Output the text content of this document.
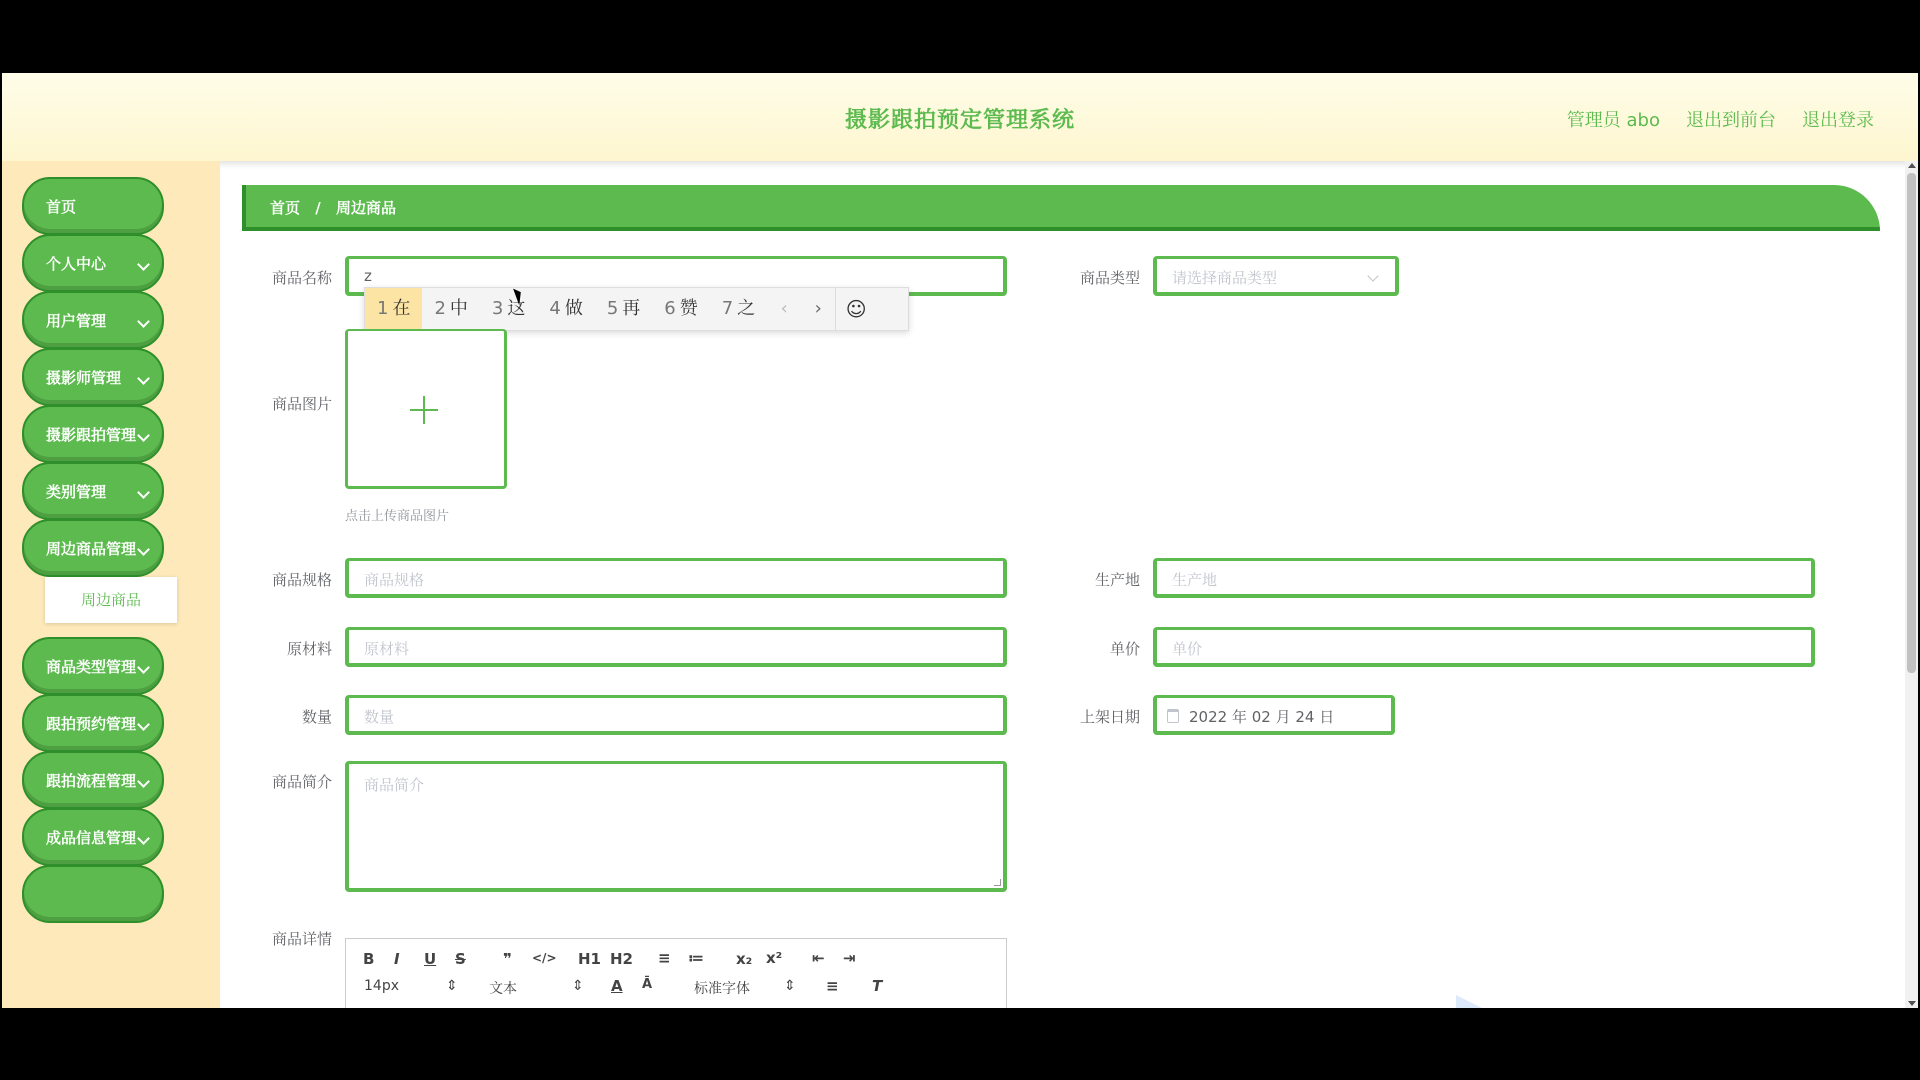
摄影跟拍预定管理系统	管理员 abo 退出到前台 退出登录
首页
个人中心
用户管理
摄影师管理
摄影跟拍管理
类别管理
周边商品管理
周边商品
商品类型管理
跟拍预约管理
跟拍流程管理
成品信息管理
首页 / 周边商品
商品名称 z	商品类型 请选择商品类型
1 在	2 中	3 这	4 做	5 再	6 赞	7 之	‹	›	☺
商品图片
点击上传商品图片
商品规格 商品规格	生产地 生产地
原材料 原材料	单价 单价
数量 数量	上架日期	2022 年 02 月 24 日
商品简介 商品简介
商品详情
B I U S ❞ </> H1 H2 ≡ ≔ x₂ x² ⇤ ⇥
14px	⇕ 文本	⇕ A Ā	标准字体 ⇕ ≡ T
